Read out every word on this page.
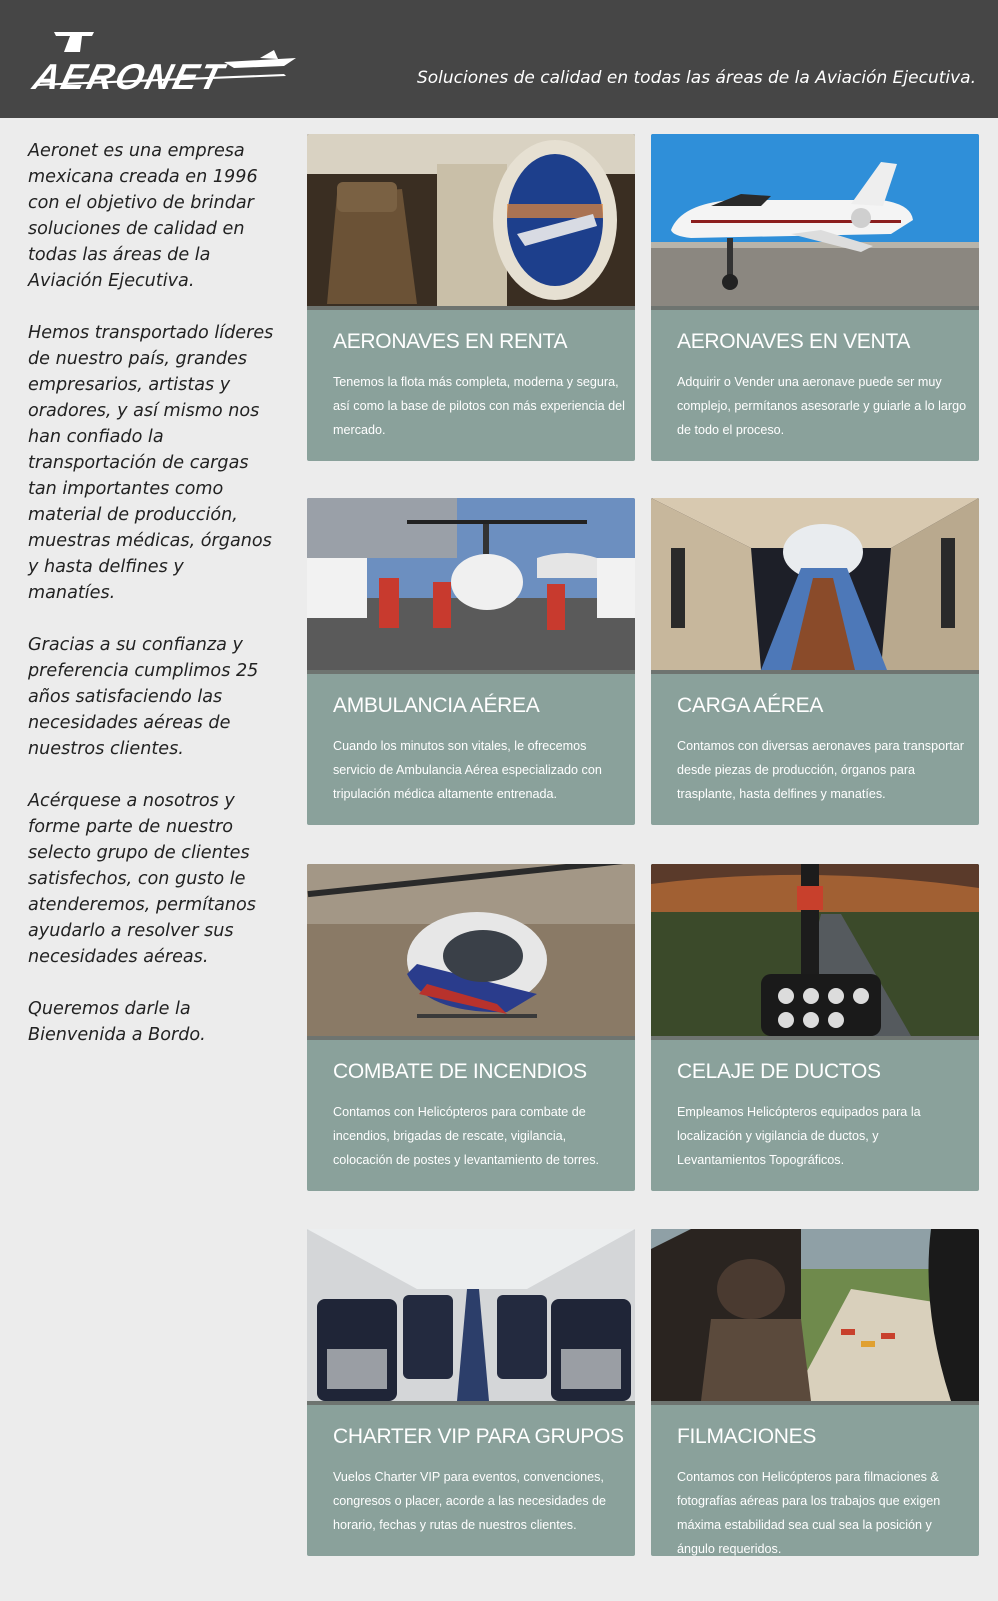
AERONET	Soluciones de calidad en todas las áreas de la Aviación Ejecutiva.

Aeronet es una empresa mexicana creada en 1996 con el objetivo de brindar soluciones de calidad en todas las áreas de la Aviación Ejecutiva.

Hemos transportado líderes de nuestro país, grandes empresarios, artistas y oradores, y así mismo nos han confiado la transportación de cargas tan importantes como material de producción, muestras médicas, órganos y hasta delfines y manatíes.

Gracias a su confianza y preferencia cumplimos 25 años satisfaciendo las necesidades aéreas de nuestros clientes.

Acérquese a nosotros y forme parte de nuestro selecto grupo de clientes satisfechos, con gusto le atenderemos, permítanos ayudarlo a resolver sus necesidades aéreas.

Queremos darle la Bienvenida a Bordo.

AERONAVES EN RENTA
Tenemos la flota más completa, moderna y segura, así como la base de pilotos con más experiencia del mercado.
AERONAVES EN VENTA
Adquirir o Vender una aeronave puede ser muy complejo, permítanos asesorarle y guiarle a lo largo de todo el proceso.
AMBULANCIA AÉREA
Cuando los minutos son vitales, le ofrecemos servicio de Ambulancia Aérea especializado con tripulación médica altamente entrenada.
CARGA AÉREA
Contamos con diversas aeronaves para transportar desde piezas de producción, órganos para trasplante, hasta delfines y manatíes.
COMBATE DE INCENDIOS
Contamos con Helicópteros para combate de incendios, brigadas de rescate, vigilancia, colocación de postes y levantamiento de torres.
CELAJE DE DUCTOS
Empleamos Helicópteros equipados para la localización y vigilancia de ductos, y Levantamientos Topográficos.
CHARTER VIP PARA GRUPOS
Vuelos Charter VIP para eventos, convenciones, congresos o placer, acorde a las necesidades de horario, fechas y rutas de nuestros clientes.
FILMACIONES
Contamos con Helicópteros para filmaciones & fotografías aéreas para los trabajos que exigen máxima estabilidad sea cual sea la posición y ángulo requeridos.
